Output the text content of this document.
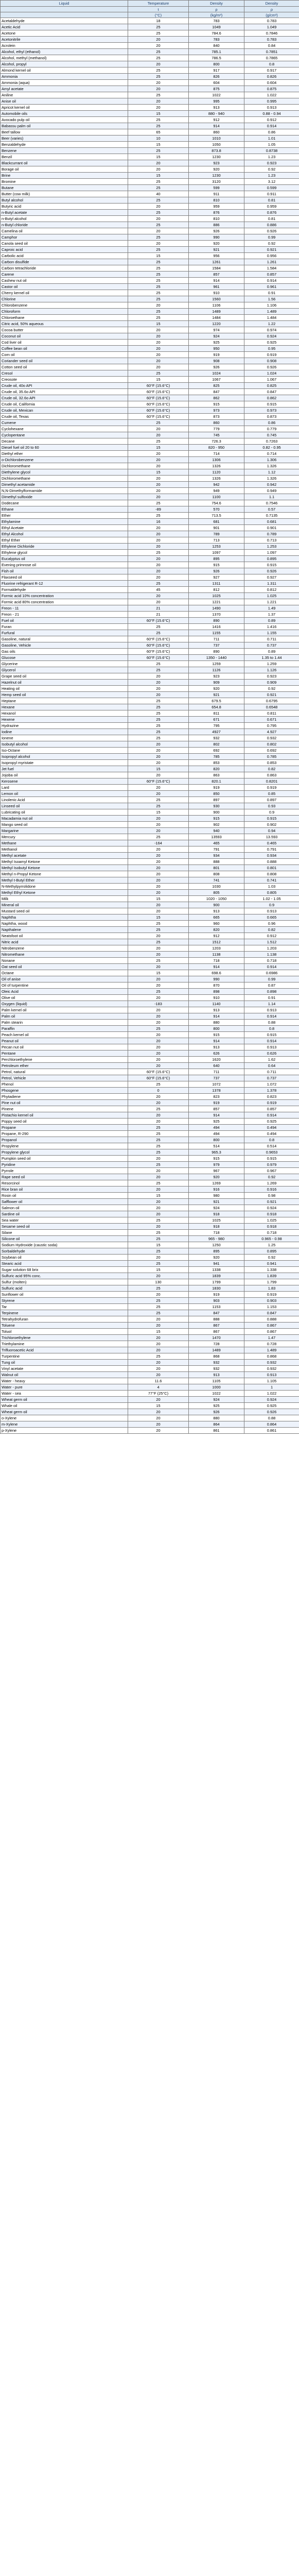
Liquid	Temperature	Density	Density
	t	ρ	ρ
	(°C)	(kg/m³)	(g/cm³)
Acetaldehyde	18	783	0.783
Acetic Acid	25	1049	1.049
Acetone	25	784.6	0.7846
Acetonitrile	20	783	0.783
Acrolein	20	840	0.84
Alcohol, ethyl (ethanol)	25	785.1	0.7851
Alcohol, methyl (methanol)	25	786.5	0.7865
Alcohol, propyl	20	800	0.8
Almond kernel oil	25	917	0.917
Ammonia	25	826	0.826
Ammonia (aqua)	20	604	0.604
Amyl acetate	20	875	0.875
Aniline	25	1022	1.022
Anise oil	20	995	0.995
Apricot kernel oil	20	913	0.913
Automobile oils	15	880 - 940	0.88 - 0.94
Avocado pulp oil	25	912	0.912
Babassu palm oil	25	914	0.914
Beef tallow	65	860	0.86
Beer (varies)	10	1010	1.01
Benzaldehyde	15	1050	1.05
Benzene	25	873.8	0.8738
Benzil	15	1230	1.23
Blackcurrant oil	20	923	0.923
Borage oil	20	920	0.92
Brine	15	1230	1.23
Bromine	25	3120	3.12
Butane	25	599	0.599
Butter (cow milk)	40	911	0.911
Butyl alcohol	25	810	0.81
Butyric acid	20	959	0.959
n-Butyl acetate	25	876	0.876
n-Butyl alcohol	20	810	0.81
n-Butyl chloride	25	886	0.886
Camelina oil	20	926	0.926
Camphor	25	990	0.99
Canola seed oil	20	920	0.92
Caproic acid	25	921	0.921
Carbolic acid	15	956	0.956
Carbon disulfide	25	1261	1.261
Carbon tetrachloride	25	1584	1.584
Carene	25	857	0.857
Cashew nut oil	25	914	0.914
Castor oil	25	961	0.961
Cherry kernel oil	25	910	0.91
Chlorine	25	1560	1.56
Chlorobenzene	20	1106	1.106
Chloroform	25	1489	1.489
Chloroethane	25	1484	1.484
Citric acid, 50% aqueous	15	1220	1.22
Cocoa butter	20	974	0.974
Coconut oil	20	924	0.924
Cod liver oil	20	925	0.925
Coffee bean oil	20	950	0.95
Corn oil	20	919	0.919
Coriander seed oil	20	908	0.908
Cotton seed oil	20	926	0.926
Cresol	25	1024	1.024
Creosote	15	1067	1.067
Crude oil, 40o API	60°F (15.6°C)	825	0.825
Crude oil, 35.6o API	60°F (15.6°C)	847	0.847
Crude oil, 32.6o API	60°F (15.6°C)	862	0.862
Crude oil, California	60°F (15.6°C)	915	0.915
Crude oil, Mexican	60°F (15.6°C)	973	0.973
Crude oil, Texas	60°F (15.6°C)	873	0.873
Cumene	25	860	0.86
Cyclohexane	20	779	0.779
Cyclopentane	20	745	0.745
Decane	25	726.3	0.7263
Diesel fuel oil 20 to 60	15	820 - 950	0.82 - 0.95
Diethyl ether	20	714	0.714
o-Dichlorobenzene	20	1306	1.306
Dichloromethane	20	1326	1.326
Diethylene glycol	15	1120	1.12
Dichloromethane	20	1326	1.326
Dimethyl acetamide	20	942	0.942
N,N-Dimethylformamide	20	949	0.949
Dimethyl sulfoxide	20	1100	1.1
Dodecane	25	754.6	0.7546
Ethane	-89	570	0.57
Ether	25	713.5	0.7135
Ethylamine	16	681	0.681
Ethyl Acetate	20	901	0.901
Ethyl Alcohol	20	789	0.789
Ethyl Ether	20	713	0.713
Ethylene Dichloride	20	1253	1.253
Ethylene glycol	25	1097	1.097
Eucalyptus oil	20	895	0.895
Evening primrose oil	20	915	0.915
Fish oil	20	926	0.926
Flaxseed oil	20	927	0.927
Fluorine refrigerant R-12	25	1311	1.311
Formaldehyde	45	812	0.812
Formic acid 10% concentration	20	1025	1.025
Formic acid 80% concentration	20	1221	1.221
Freon - 11	21	1490	1.49
Freon - 21	21	1370	1.37
Fuel oil	60°F (15.6°C)	890	0.89
Furan	25	1416	1.416
Furfural	25	1155	1.155
Gasoline, natural	60°F (15.6°C)	711	0.711
Gasoline, Vehicle	60°F (15.6°C)	737	0.737
Gas oils	60°F (15.6°C)	890	0.89
Glucose	60°F (15.6°C)	1350 - 1440	1.35 to 1.44
Glycerine	25	1259	1.259
Glycerol	25	1126	1.126
Grape seed oil	20	923	0.923
Hazelnut oil	20	909	0.909
Heating oil	20	920	0.92
Hemp seed oil	20	921	0.921
Heptane	25	679.5	0.6795
Hexane	25	654.8	0.6548
Hexanol	25	811	0.811
Hexene	25	671	0.671
Hydrazine	25	795	0.795
Iodine	25	4927	4.927
Ionene	25	932	0.932
Isobutyl alcohol	20	802	0.802
Iso-Octane	20	692	0.692
Isopropyl alcohol	20	785	0.785
Isopropyl myristate	20	853	0.853
Jet fuel	15	820	0.82
Jojoba oil	20	863	0.863
Kerosene	60°F (15.6°C)	820.1	0.8201
Lard	20	919	0.919
Lemon oil	20	850	0.85
Linolenic Acid	25	897	0.897
Linseed oil	25	930	0.93
Lubricating oil	15	900	0.9
Macadamia nut oil	20	915	0.915
Mango seed oil	20	902	0.902
Margarine	20	940	0.94
Mercury	25	13593	13.593
Methane	-164	465	0.465
Methanol	20	791	0.791
Methyl acetate	20	934	0.934
Methyl Isoamyl Ketone	20	888	0.888
Methyl Isobutyl Ketone	20	801	0.801
Methyl n-Propyl Ketone	20	808	0.808
Methyl t-Butyl Ether	20	741	0.741
N-Methylpyrrolidone	20	1030	1.03
Methyl Ethyl Ketone	20	805	0.805
Milk	15	1020 - 1050	1.02 - 1.05
Mineral oil	20	900	0.9
Mustard seed oil	20	913	0.913
Naphtha	15	665	0.665
Naphtha, wood	25	960	0.96
Napthalene	25	820	0.82
Neatsfoot oil	20	912	0.912
Nitric acid	25	1512	1.512
Nitrobenzene	20	1203	1.203
Nitromethane	20	1138	1.138
Nonane	25	718	0.718
Oat seed oil	20	914	0.914
Octane	15	698.6	0.6986
Oil of anise	20	990	0.99
Oil of turpentine	20	870	0.87
Oleic Acid	25	898	0.898
Olive oil	20	910	0.91
Oxygen (liquid)	-183	1140	1.14
Palm kernel oil	20	913	0.913
Palm oil	20	914	0.914
Palm stearin	20	880	0.88
Paraffin	25	800	0.8
Peach kernel oil	20	915	0.915
Peanut oil	20	914	0.914
Pecan nut oil	20	913	0.913
Pentane	20	626	0.626
Perchloroethylene	20	1620	1.62
Petroleum ether	20	640	0.64
Petrol, natural	60°F (15.6°C)	711	0.711
Petrol, Vehicle	60°F (15.6°C)	737	0.737
Phenol	25	1072	1.072
Phosgene	0	1378	1.378
Phytadiene	20	823	0.823
Pine nut oil	20	919	0.919
Pinene	25	857	0.857
Pistachio kernel oil	20	914	0.914
Poppy seed oil	20	925	0.925
Propane	25	494	0.494
Propane, R-290	25	494	0.494
Propanol	25	800	0.8
Propylene	25	514	0.514
Propylene glycol	25	965.3	0.9653
Pumpkin seed oil	20	915	0.915
Pyridine	25	979	0.979
Pyrrole	20	967	0.967
Rape seed oil	20	920	0.92
Resorcinol	25	1269	1.269
Rice bran oil	20	916	0.916
Rosin oil	15	980	0.98
Safflower oil	20	921	0.921
Salmon oil	20	924	0.924
Sardine oil	20	918	0.918
Sea water	25	1025	1.025
Sesame seed oil	20	918	0.918
Silane	25	718	0.718
Silicone oil	25	965 - 980	0.965 - 0.98
Sodium Hydroxide (caustic soda)	15	1250	1.25
Sorbaldehyde	25	895	0.895
Soybean oil	20	920	0.92
Stearic acid	25	941	0.941
Sugar solution 68 brix	15	1338	1.338
Sulfuric acid 95% conc.	20	1839	1.839
Sulfur (molten)	130	1799	1.799
Sulfuric acid	25	1830	1.83
Sunflower oil	20	919	0.919
Styrene	25	903	0.903
Tar	25	1153	1.153
Terpinene	25	847	0.847
Tetrahydrofuran	20	888	0.888
Toluene	20	867	0.867
Toluol	15	867	0.867
Trichloroethylene	20	1470	1.47
Triethylamine	20	728	0.728
Trifluoroacetic Acid	20	1489	1.489
Turpentine	25	868	0.868
Tung oil	20	932	0.932
Vinyl acetate	20	932	0.932
Walnut oil	20	913	0.913
Water - heavy	11.6	1105	1.105
Water - pure	4	1000	1
Water - sea	77°F (25°C)	1022	1.022
Wheat germ oil	20	924	0.924
Whale oil	15	925	0.925
Wheat germ oil	20	926	0.926
o-Xylene	20	880	0.88
m-Xylene	20	864	0.864
p-Xylene	20	861	0.861
